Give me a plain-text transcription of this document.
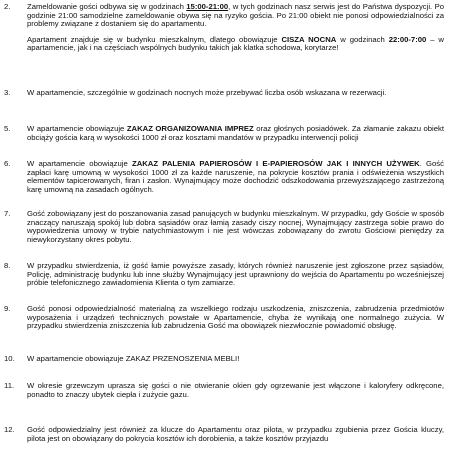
2.	Zameldowanie gości odbywa się w godzinach 15:00-21:00, w tych godzinach nasz serwis jest do Państwa dyspozycji. Po godzinie 21:00 samodzielne zameldowanie obywa się na ryzyko gościa. Po 21:00 obiekt nie ponosi odpowiedzialności za problemy związane z dostaniem się do apartamentu.

Apartament znajduje się w budynku mieszkalnym, dlatego obowiązuje CISZA NOCNA w godzinach 22:00-7:00 – w apartamencie, jak i na częściach wspólnych budynku takich jak klatka schodowa, korytarze!

3.	W apartamencie, szczególnie w godzinach nocnych może przebywać liczba osób wskazana w rezerwacji.

5.	W apartamencie obowiązuje ZAKAZ ORGANIZOWANIA IMPREZ oraz głośnych posiadówek. Za złamanie zakazu obiekt obciąży gościa karą w wysokości 1000 zł oraz kosztami mandatów w przypadku interwencji policji

6.	W apartamencie obowiązuje ZAKAZ PALENIA PAPIEROSÓW I E-PAPIEROSÓW JAK I INNYCH UŻYWEK. Gość zapłaci karę umowną w wysokości 1000 zł za każde naruszenie, na pokrycie kosztów prania i odświeżenia wszystkich elementów tapicerowanych, firan i zasłon. Wynajmujący może dochodzić odszkodowania przewyższającego zastrzeżoną karę umowną na zasadach ogólnych.

7.	Gość zobowiązany jest do poszanowania zasad panujących w budynku mieszkalnym. W przypadku, gdy Goście w sposób znaczący naruszają spokój lub dobra sąsiadów oraz łamią zasady ciszy nocnej, Wynajmujący zastrzega sobie prawo do wypowiedzenia umowy w trybie natychmiastowym i nie jest wówczas zobowiązany do zwrotu Gościowi pieniędzy za niewykorzystany okres pobytu.

8.	W przypadku stwierdzenia, iż gość łamie powyższe zasady, których również naruszenie jest zgłoszone przez sąsiadów, Policję, administrację budynku lub inne służby Wynajmujący jest uprawniony do wejścia do Apartamentu po wcześniejszej próbie telefonicznego zawiadomienia Klienta o tym zamiarze.

9.	Gość ponosi odpowiedzialność materialną za wszelkiego rodzaju uszkodzenia, zniszczenia, zabrudzenia przedmiotów wyposażenia i urządzeń technicznych powstałe w Apartamencie, chyba że wynikają one normalnego zużycia. W przypadku stwierdzenia zniszczenia lub zabrudzenia Gość ma obowiązek niezwłocznie powiadomić obsługę.

10.	W apartamencie obowiązuje ZAKAZ PRZENOSZENIA MEBLI!

11.	W okresie grzewczym uprasza się gości o nie otwieranie okien gdy ogrzewanie jest włączone i kaloryfery odkręcone, ponadto to znaczy ubytek ciepła i zużycie gazu.

12.	Gość odpowiedzialny jest również za klucze do Apartamentu oraz pilota, w przypadku zgubienia przez Gościa kluczy, pilota jest on obowiązany do pokrycia kosztów ich dorobienia, a także kosztów przyjazdu
